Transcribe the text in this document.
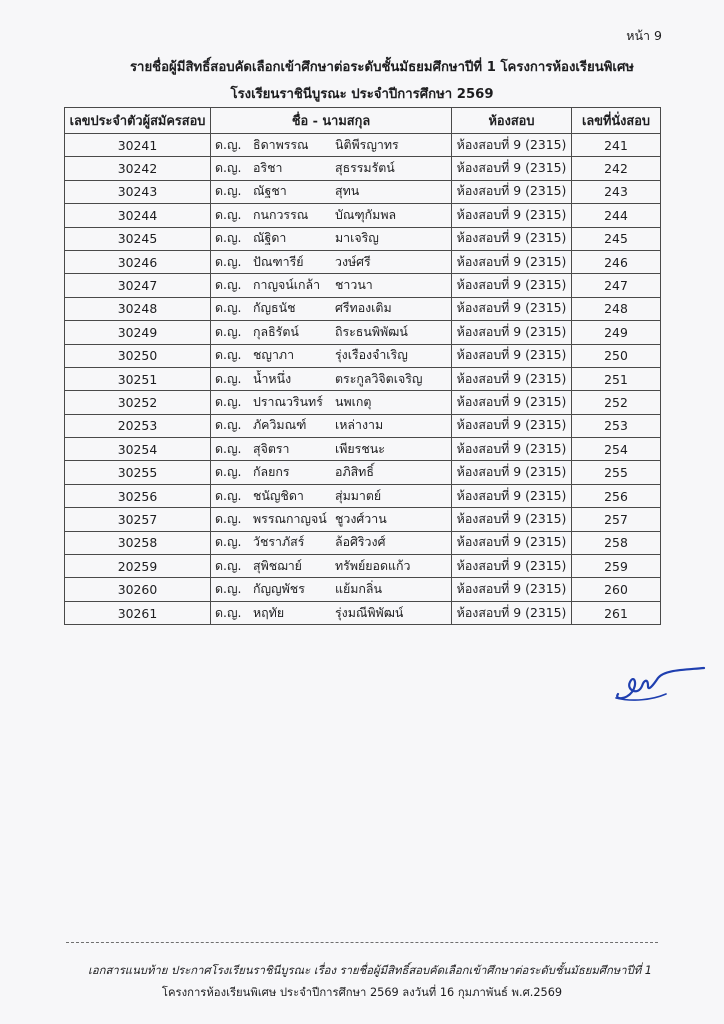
หน้า 9
รายชื่อผู้มีสิทธิ์สอบคัดเลือกเข้าศึกษาต่อระดับชั้นมัธยมศึกษาปีที่ 1 โครงการห้องเรียนพิเศษ
โรงเรียนราชินีบูรณะ ประจำปีการศึกษา 2569
เลขประจำตัวผู้สมัครสอบ	ชื่อ - นามสกุล	ห้องสอบ	เลขที่นั่งสอบ
30241	ด.ญ. ธิดาพรรณ นิติพีรญาทร	ห้องสอบที่ 9 (2315)	241
30242	ด.ญ. อริชา สุธรรมรัตน์	ห้องสอบที่ 9 (2315)	242
30243	ด.ญ. ณัฐชา สุทน	ห้องสอบที่ 9 (2315)	243
30244	ด.ญ. กนกวรรณ บัณฑุกัมพล	ห้องสอบที่ 9 (2315)	244
30245	ด.ญ. ณัฐิดา มาเจริญ	ห้องสอบที่ 9 (2315)	245
30246	ด.ญ. ปัณฑารีย์ วงษ์ศรี	ห้องสอบที่ 9 (2315)	246
30247	ด.ญ. กาญจน์เกล้า ชาวนา	ห้องสอบที่ 9 (2315)	247
30248	ด.ญ. กัญธนัช ศรีทองเติม	ห้องสอบที่ 9 (2315)	248
30249	ด.ญ. กุลธิรัตน์ ถิระธนพิพัฒน์	ห้องสอบที่ 9 (2315)	249
30250	ด.ญ. ชญาภา รุ่งเรืองจำเริญ	ห้องสอบที่ 9 (2315)	250
30251	ด.ญ. น้ำหนึ่ง ตระกูลวิจิตเจริญ	ห้องสอบที่ 9 (2315)	251
30252	ด.ญ. ปราณวรินทร์ นพเกตุ	ห้องสอบที่ 9 (2315)	252
20253	ด.ญ. ภัควิมณฑ์ เหล่างาม	ห้องสอบที่ 9 (2315)	253
30254	ด.ญ. สุจิตรา เพียรชนะ	ห้องสอบที่ 9 (2315)	254
30255	ด.ญ. กัลยกร อภิสิทธิ์	ห้องสอบที่ 9 (2315)	255
30256	ด.ญ. ชนัญชิดา สุ่มมาตย์	ห้องสอบที่ 9 (2315)	256
30257	ด.ญ. พรรณกาญจน์ ชูวงศ์วาน	ห้องสอบที่ 9 (2315)	257
30258	ด.ญ. วัชราภัสร์ ล้อศิริวงศ์	ห้องสอบที่ 9 (2315)	258
20259	ด.ญ. สุพิชฌาย์ ทรัพย์ยอดแก้ว	ห้องสอบที่ 9 (2315)	259
30260	ด.ญ. กัญญพัชร แย้มกลิ่น	ห้องสอบที่ 9 (2315)	260
30261	ด.ญ. หฤทัย รุ่งมณีพิพัฒน์	ห้องสอบที่ 9 (2315)	261
เอกสารแนบท้าย ประกาศโรงเรียนราชินีบูรณะ เรื่อง รายชื่อผู้มีสิทธิ์สอบคัดเลือกเข้าศึกษาต่อระดับชั้นมัธยมศึกษาปีที่ 1
โครงการห้องเรียนพิเศษ ประจำปีการศึกษา 2569 ลงวันที่ 16 กุมภาพันธ์ พ.ศ.2569
